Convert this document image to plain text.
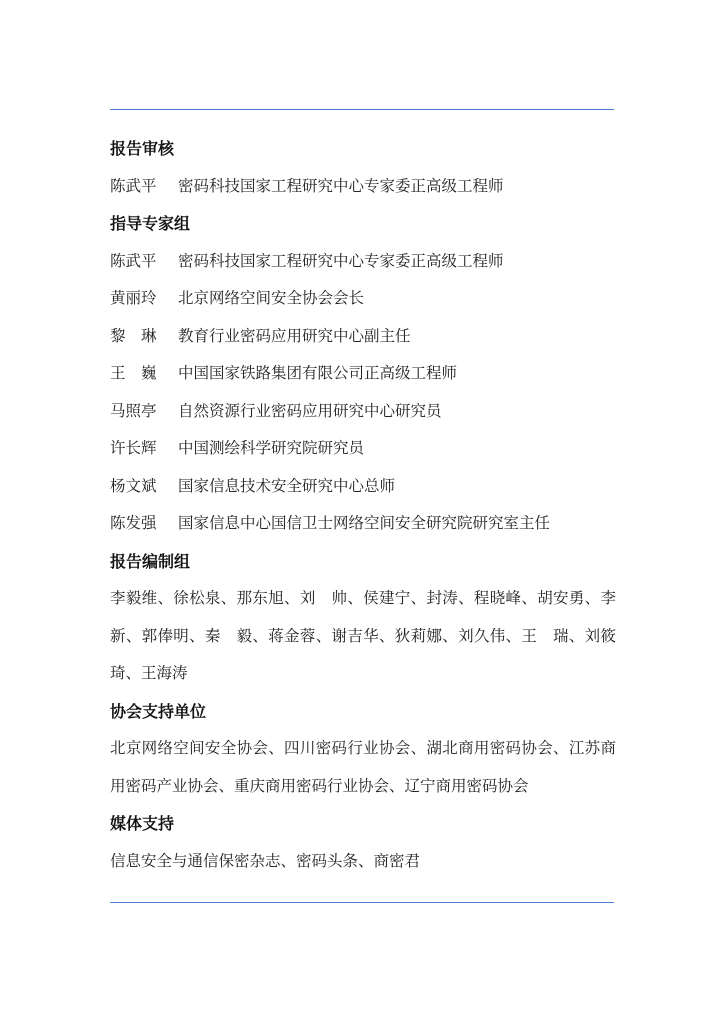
报告审核
陈武平	密码科技国家工程研究中心专家委正高级工程师
指导专家组
陈武平	密码科技国家工程研究中心专家委正高级工程师
黄丽玲	北京网络空间安全协会会长
黎　琳	教育行业密码应用研究中心副主任
王　巍	中国国家铁路集团有限公司正高级工程师
马照亭	自然资源行业密码应用研究中心研究员
许长辉	中国测绘科学研究院研究员
杨文斌	国家信息技术安全研究中心总师
陈发强	国家信息中心国信卫士网络空间安全研究院研究室主任
报告编制组
李毅维、徐松泉、那东旭、刘　帅、侯建宁、封涛、程晓峰、胡安勇、李　新、郭俸明、秦　毅、蒋金蓉、谢吉华、狄莉娜、刘久伟、王　瑞、刘筱琦、王海涛
协会支持单位
北京网络空间安全协会、四川密码行业协会、湖北商用密码协会、江苏商用密码产业协会、重庆商用密码行业协会、辽宁商用密码协会
媒体支持
信息安全与通信保密杂志、密码头条、商密君
